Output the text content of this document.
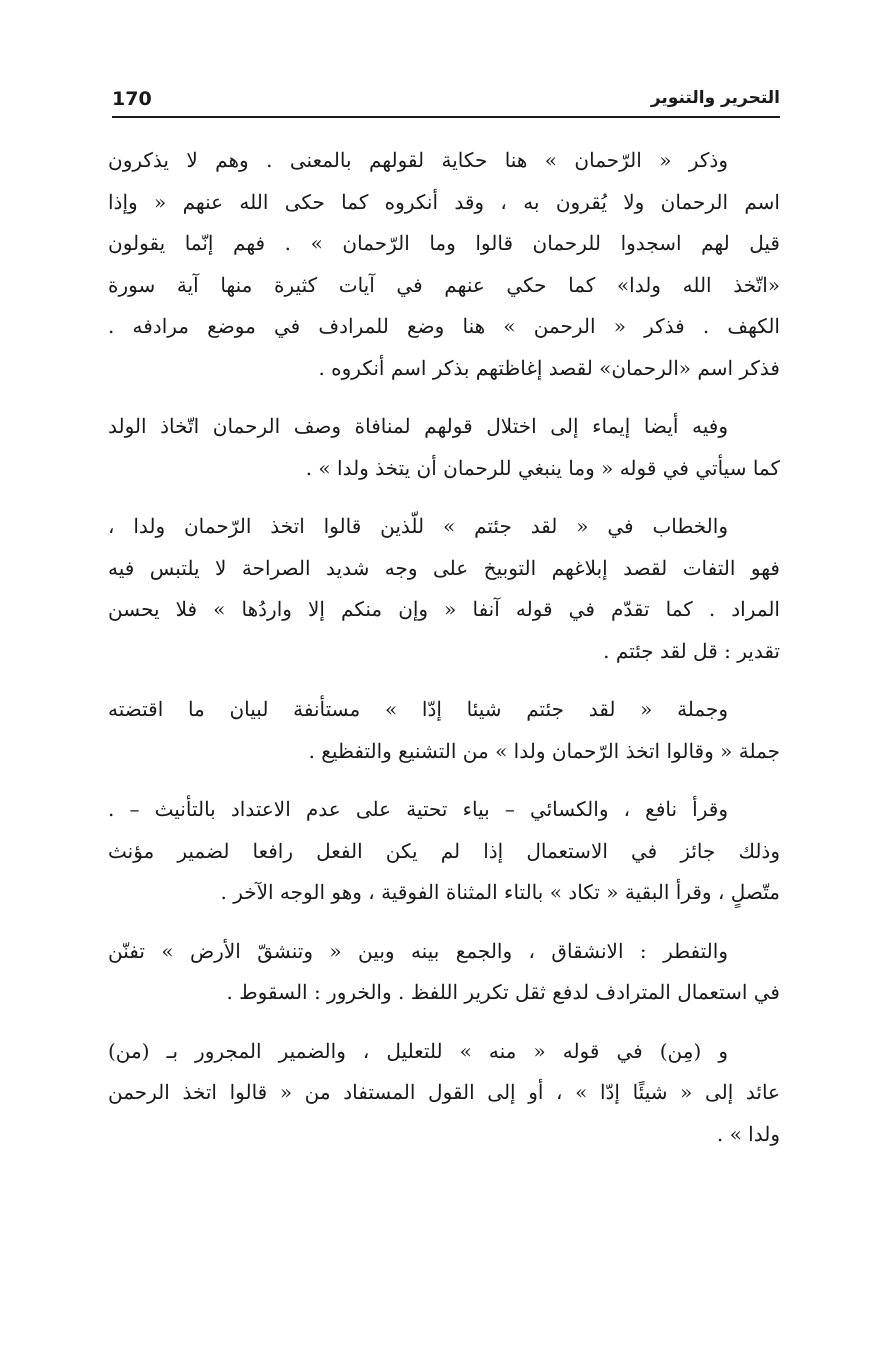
170	التحرير والتنوير

وذكر « الرّحمان » هنا حكاية لقولهم بالمعنى . وهم لا يذكرون
اسم الرحمان ولا يُقرون به ، وقد أنكروه كما حكى الله عنهم « وإذا
قيل لهم اسجدوا للرحمان قالوا وما الرّحمان » . فهم إنّما يقولون
«اتّخذ الله ولدا» كما حكي عنهم في آيات كثيرة منها آية سورة
الكهف . فذكر « الرحمن » هنا وضع للمرادف في موضع مرادفه .
فذكر اسم «الرحمان» لقصد إغاظتهم بذكر اسم أنكروه .

وفيه أيضا إيماء إلى اختلال قولهم لمنافاة وصف الرحمان اتّخاذ الولد
كما سيأتي في قوله « وما ينبغي للرحمان أن يتخذ ولدا » .

والخطاب في « لقد جئتم » للّذين قالوا اتخذ الرّحمان ولدا ،
فهو التفات لقصد إبلاغهم التوبيخ على وجه شديد الصراحة لا يلتبس فيه
المراد . كما تقدّم في قوله آنفا « وإن منكم إلا واردُها » فلا يحسن
تقدير : قل لقد جئتم .

وجملة « لقد جئتم شيئا إدّا » مستأنفة لبيان ما اقتضته
جملة « وقالوا اتخذ الرّحمان ولدا » من التشنيع والتفظيع .

وقرأ نافع ، والكسائي – بياء تحتية على عدم الاعتداد بالتأنيث – .
وذلك جائز في الاستعمال إذا لم يكن الفعل رافعا لضمير مؤنث
متّصلٍ ، وقرأ البقية « تكاد » بالتاء المثناة الفوقية ، وهو الوجه الآخر .

والتفطر : الانشقاق ، والجمع بينه وبين « وتنشقّ الأرض » تفنّن
في استعمال المترادف لدفع ثقل تكرير اللفظ . والخرور : السقوط .

و (مِن) في قوله « منه » للتعليل ، والضمير المجرور بـ (من)
عائد إلى « شيئًا إدّا » ، أو إلى القول المستفاد من « قالوا اتخذ الرحمن
ولدا » .
